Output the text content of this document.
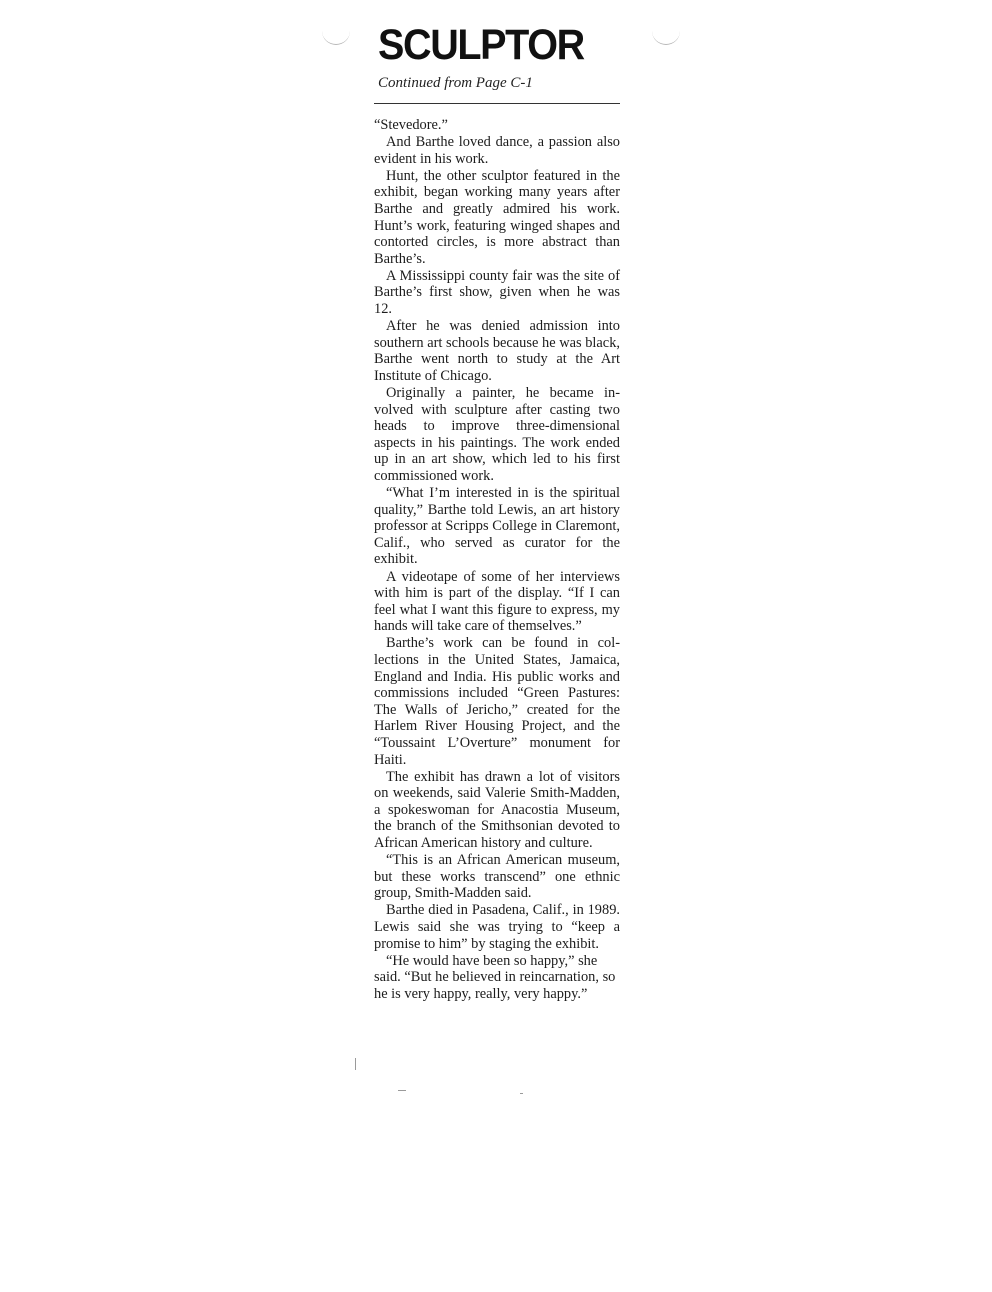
SCULPTOR
Continued from Page C-1

“Stevedore.”

And Barthe loved dance, a passion also evident in his work.

Hunt, the other sculptor featured in the exhibit, began working many years after Barthe and greatly admired his work. Hunt’s work, featuring winged shapes and contorted circles, is more abstract than Barthe’s.

A Mississippi county fair was the site of Barthe’s first show, given when he was 12.

After he was denied admission into southern art schools because he was black, Barthe went north to study at the Art Institute of Chicago.

Originally a painter, he became involved with sculpture after casting two heads to improve three-dimensional aspects in his paintings. The work ended up in an art show, which led to his first commissioned work.

“What I’m interested in is the spiritual quality,” Barthe told Lewis, an art history professor at Scripps College in Claremont, Calif., who served as curator for the exhibit.

A videotape of some of her interviews with him is part of the display. “If I can feel what I want this figure to express, my hands will take care of themselves.”

Barthe’s work can be found in collections in the United States, Jamaica, England and India. His public works and commissions included “Green Pastures: The Walls of Jericho,” created for the Harlem River Housing Project, and the “Toussaint L’Overture” monument for Haiti.

The exhibit has drawn a lot of visitors on weekends, said Valerie Smith-Madden, a spokeswoman for Anacostia Museum, the branch of the Smithsonian devoted to African American history and culture.

“This is an African American museum, but these works transcend” one ethnic group, Smith-Madden said.

Barthe died in Pasadena, Calif., in 1989. Lewis said she was trying to “keep a promise to him” by staging the exhibit.

“He would have been so happy,” she said. “But he believed in reincarnation, so he is very happy, really, very happy.”
